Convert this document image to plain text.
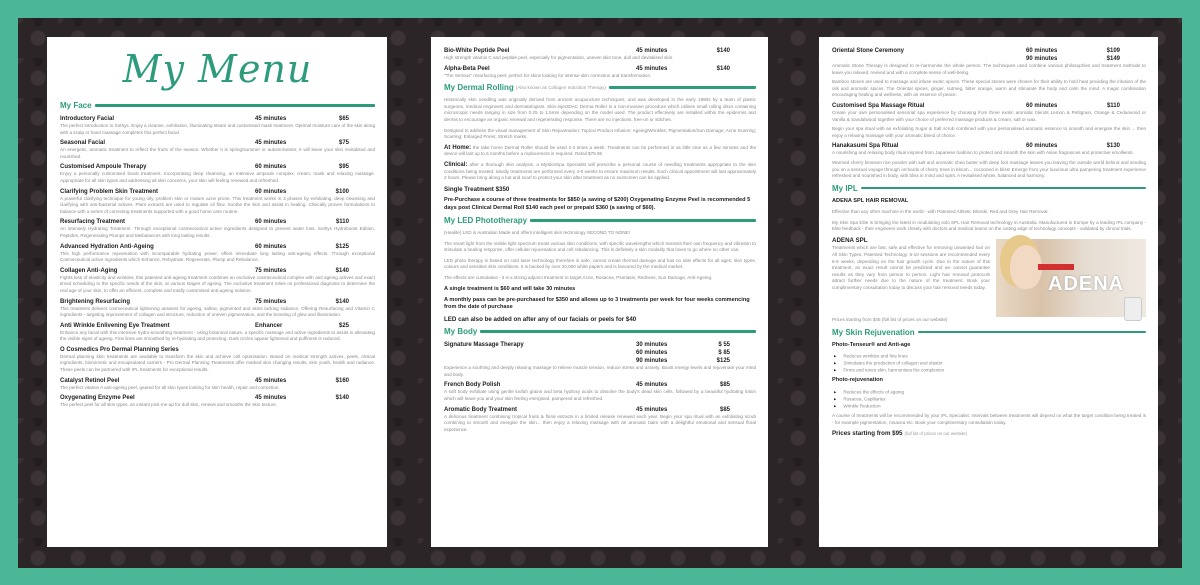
My Menu
My Face
Introductory Facial	45 minutes	$65
The perfect introduction to Sothys. Enjoy a cleanse, exfoliation, illuminating steam and customised mask treatment. Optimal moisture care of the skin along with a scalp or hand massage completes this perfect facial.
Seasonal Facial	45 minutes	$75
An energetic, aromatic treatment to reflect the fruits of the season. Whether it is spring/summer or autumn/winter, it will leave your skin revitalised and nourished.
Customised Ampoule Therapy	60 minutes	$95
Enjoy a personally customised boost treatment. Incorporating deep cleansing, an intensive ampoule complex, cream, mask and relaxing massage. Appropriate for all skin types and addressing all skin concerns, your skin will feeling renewed and refreshed.
Clarifying Problem Skin Treatment	60 minutes	$100
A powerful clarifying technique for young oily, problem skin or mature acne prone. This treatment works in 3 phases by exfoliating, deep cleansing and clarifying with anti-bacterial actives. Plant extracts are used to regulate oil flow. Soothe the skin and assist in healing. Clinically proven formulations to balance with a series of correcting treatments supported with a good home care routine.
Resurfacing Treatment	60 minutes	$110
An intensely Hydrating Treatment. Through exceptional cosmeceutical active ingredients designed to prevent water loss. Sothys Hydroboost Edition, Peptides, Regenerating Plumps and Meibalances with long lasting results.
Advanced Hydration Anti-Ageing	60 minutes	$125
This high performance rejuvenation with incomparable hydrating power, offers immediate long lasting anti-ageing effects. Through exceptional Cosmeceutical active ingredients which Enhance, Rehydrate, Regenerate, Plump and Rebalance.
Collagen Anti-Aging	75 minutes	$140
Fights loss of elasticity and wrinkles, this patented anti-ageing treatment combines an exclusive cosmeceutical complex with anti ageing actives and exact timed scheduling to the specific needs of the skin, at various stages of ageing. The exclusive treatment relies on professional diagnosis to determine the real age of your skin, to offer an efficient, complete and totally customised anti-ageing solution.
Brightening Resurfacing	75 minutes	$140
This treatment delivers cosmeceutical lightening answers for ageing, sallow, pigmented and skins lacking radiance. Offering Resurfacing and Vitamin C ingredients - targeting improvement of collagen and structure, reduction of uneven pigmentation, and the boosting of glow and illumination.
Anti Wrinkle Enlivening Eye Treatment	Enhancer	$25
Enhance any facial with this intensive hydro-smoothing treatment - using botanical nature, a specific massage and active ingredients to assist in alleviating the visible signs of ageing. Fine lines are smoothed by re-hydrating and protecting. Dark circles appear lightened and puffiness is reduced.
O Cosmedics Pro Dermal Planning Series
Dermal planning skin treatments are available to transform the skin and achieve cell optimisation. Based on medical strength actives, peels, clinical ingredients, biomimetic and encapsulated carriers - Pro Dermal Planning Treatments offer marked skin changing results, skin youth, health and radiance. These peels can be partnered with IPL treatments for exceptional results.
Catalyst Retinol Peel	45 minutes	$160
The perfect vitamin A anti-ageing peel, geared for all skin types looking for skin health, repair and correction.
Oxygenating Enzyme Peel	45 minutes	$140
The perfect peel for all skin types, an instant pick-me-up for dull skin, renews and smooths the skin texture.
Bio-White Peptide Peel	45 minutes	$140
High strength vitamin C and peptide peel, especially for pigmentation, uneven skin tone, dull and devitalised skin.
Alpha-Beta Peel	45 minutes	$140
"The Serious" resurfacing peel; perfect for skins looking for intense skin correction and transformation.
My Dermal Rolling (Also known as Collagen Induction Therapy)
Historically skin needling was originally derived from ancient acupuncture techniques, and was developed in the early 1990s by a team of plastic surgeons, medical engineers and dermatologists. Skin-injectDAC Derma Roller is a non-invasive procedure which utilises small rolling discs containing microscopic needs ranging in size from 0.25 to 1.5mm depending on the model used. The product effectively are installed within the epidermis and dermis to encourage an organic renewal and regenerating response. There are no injections, free-on or stitches.
Designed to address the visual management of Skin Rejuvenation; Topical Product Infusion; Ageing/Wrinkles; Pigmentation/Sun Damage; Acne Scarring; Scarring; Enlarged Pores; Stretch marks.
At Home: the take home Dermal Roller should be used 2-3 times a week. Treatments can be performed in as little time as a few minutes and the device will last up to 6 months before a replacement is required. Retail $79.95
Clinical: after a thorough skin analysis, a MySkinSpa Specialist will prescribe a personal course of needling treatments appropriate to the skin conditions being treated. Ideally treatments are performed every 4-6 weeks to ensure maximum results. Each clinical appointment will last approximately 2 hours. Please bring along a hat and scarf to protect your skin after treatment as no sunscreen can be applied.
Single Treatment $350
Pre-Purchase a course of three treatments for $850 (a saving of $200) Oxygenating Enzyme Peel is recommended 5 days post Clinical Dermal Roll $140 each peel or prepaid $360 (a saving of $60).
My LED Phototherapy
(Healite) LED is Australian Made and offers intelligent skin technology SECOND TO NONE!
The smart light from the visible light spectrum treats various skin conditions, with specific wavelengths which transmit their own frequency and vibration to stimulate a healing response, offer cellular rejuvenation and cell rebalancing. This is definitely a skin modality that loves to go where no other can.
LED photo therapy is based on cold laser technology therefore is safe, cannot create thermal damage and has no side effects for all ages, skin types, colours and sensitive skin conditions. It is backed by over 20,000 white papers and is favoured by the medical market.
The effects are cumulative - it is a strong adjunct treatment to target Acne, Rosacea, Psoriasis, Redness, Sun Damage, Anti-Ageing.
A single treatment is $60 and will take 30 minutes
A monthly pass can be pre-purchased for $350 and allows up to 3 treatments per week for four weeks commencing from the date of purchase
LED can also be added on after any of our facials or peels for $40
My Body
Signature Massage Therapy	30 minutes	$ 55
60 minutes	$ 85
90 minutes	$125
Experience a soothing and deeply relaxing massage to relieve muscle tension, reduce stress and anxiety. Boost energy levels and rejuvenate your mind and body.
French Body Polish	45 minutes	$85
A soft body exfoliate using gentle loofah grains and beta hydroxy acids to dissolve the body's dead skin cells, followed by a beautiful hydrating lotion which will leave you and your skin feeling energised, pampered and refreshed.
Aromatic Body Treatment	45 minutes	$85
A delicious treatment combining tropical fruits & floral extracts in a limited release renewed each year. Begin your spa ritual with an exfoliating scrub combining to smooth and energise the skin... then enjoy a relaxing massage with an aromatic balm with a delightful emotional and sensual floral experience.
Oriental Stone Ceremony	60 minutes	$109
90 minutes	$149
Aromatic Stone Therapy is designed to re-harmonise the whole person. The techniques used combine various philosophies and treatment methods to leave you relaxed, revived and with a complete sense of well-being.
Bamboo stones are used to massage and infuse exotic spices. These special stones were chosen for their ability to hold heat providing the infusion of the oils and aromatic spices. The Oriental spices, ginger, nutmeg, bitter orange, warm and stimulate the body and calm the mind. A magic combination encouraging healing and wellness, with an essence of peace.
Customised Spa Massage Ritual	60 minutes	$110
Create your own personalised sensorial spa experience by choosing from three exotic aromatic blends Lemon & Petitgrain, Orange & Cedarwood or Vanilla & Sandalwood together with your choice of preferred massage products & cream, salt or wax.
Begin your spa ritual with an exfoliating Sugar & Salt scrub combined with your personalised aromatic essence to smooth and energise the skin ... then enjoy a relaxing massage with your aromatic blend of choice.
Hanakasumi Spa Ritual	60 minutes	$130
A nourishing and relaxing body ritual inspired from Japanese tradition to protect and smooth the skin with Asian fragrances and protective emollients.
Warmed cherry blossom rice powder with salt and aromatic shea butter with deep foot massage leaves you leaving the outside world behind and sending you on a sensual voyage through orchards of cherry trees in bloom... cocooned in bliss! Emerge from your luxurious ultra pampering treatment experience refreshed and nourished in body, with bliss in mind and spirit. A revitalised whole, balanced and harmony.
My IPL
ADENA SPL HAIR REMOVAL
Effective than any other machine in the world - with Patented Athletic Blonde, Red and Grey Hair Removal.
My Skin Spa Elite is bringing the latest in modulating solo SPL Hair Removal technology in Australia. Manufactured in Europe by a leading IPL company - Elite feedback - their engineers work closely with doctors and medical teams on the cutting edge of technology concepts - validated by clinical trials.
ADENA SPL
Treatments which are fast, safe and effective for removing unwanted hair on All Skin Types. Patented Technology. 6-10 sessions are recommended every 6-8 weeks, depending on the hair growth cycle. Due to the nature of this treatment, an exact result cannot be predicted and we cannot guarantee results as they vary from person to person. Light hair removal protocols attract further needs due to the nature of the treatment. Book your complimentary consultation today to discuss your hair removal needs today.	ADENA
Prices starting from $45 (full list of prices on our website)
My Skin Rejuvenation
Photo-Tenseur® and Anti-age
▶ Reduces wrinkles and fine lines
▶ Stimulates the production of collagen and elastin
▶ Firms and tones skin, harmonises the complexion
Photo-rejuvenation
▶ Reduces the effects of ageing
▶ Rosacea, Capillaries
▶ Wrinkle Reduction
A course of treatments will be recommended by your IPL Specialist. Intervals between treatments will depend on what the target condition being treated is - for example pigmentation, rosacea etc. Book your complimentary consultation today.
Prices starting from $95 (full list of prices on our website)
